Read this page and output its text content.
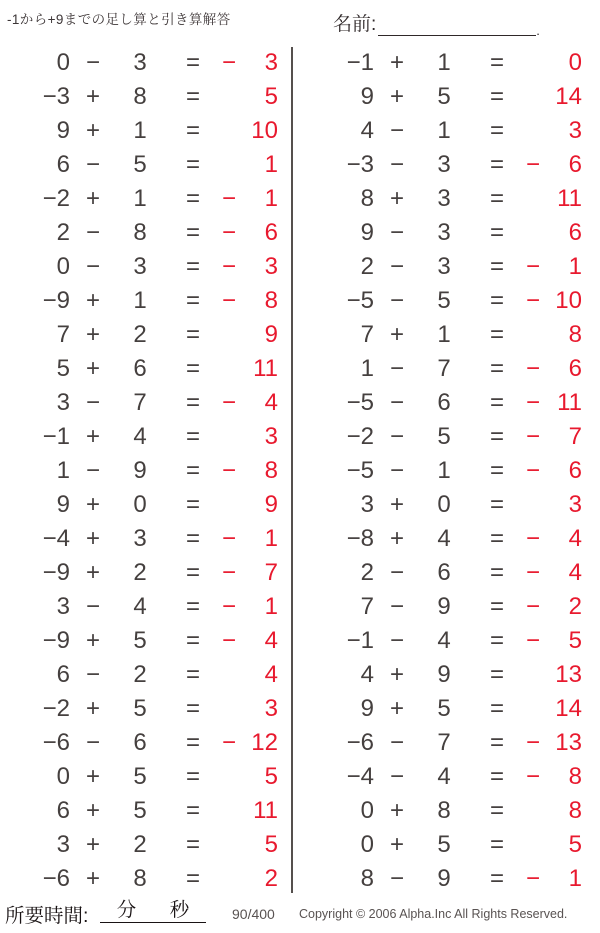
-1から+9までの足し算と引き算解答	名前:	.
0 −	3	= −	3
−3 +	8	=	5
9 +	1	=	10
6 −	5	=	1
−2 +	1	= −	1
2 −	8	= −	6
0 −	3	= −	3
−9 +	1	= −	8
7 +	2	=	9
5 +	6	=	11
3 −	7	= −	4
−1 +	4	=	3
1 −	9	= −	8
9 +	0	=	9
−4 +	3	= −	1
−9 +	2	= −	7
3 −	4	= −	1
−9 +	5	= −	4
6 −	2	=	4
−2 +	5	=	3
−6 −	6	= − 12
0 +	5	=	5
6 +	5	=	11
3 +	2	=	5
−6 +	8	=	2
−1 +	1	=	0
9 +	5	=	14
4 −	1	=	3
−3 −	3	= −	6
8 +	3	=	11
9 −	3	=	6
2 −	3	= −	1
−5 −	5	= − 10
7 +	1	=	8
1 −	7	= −	6
−5 −	6	= − 11
−2 −	5	= −	7
−5 −	1	= −	6
3 +	0	=	3
−8 +	4	= −	4
2 −	6	= −	4
7 −	9	= −	2
−1 −	4	= −	5
4 +	9	=	13
9 +	5	=	14
−6 −	7	= − 13
−4 −	4	= −	8
0 +	8	=	8
0 +	5	=	5
8 −	9	= −	1
所要時間: 分 秒	90/400 Copyright © 2006 Alpha.Inc All Rights Reserved.
